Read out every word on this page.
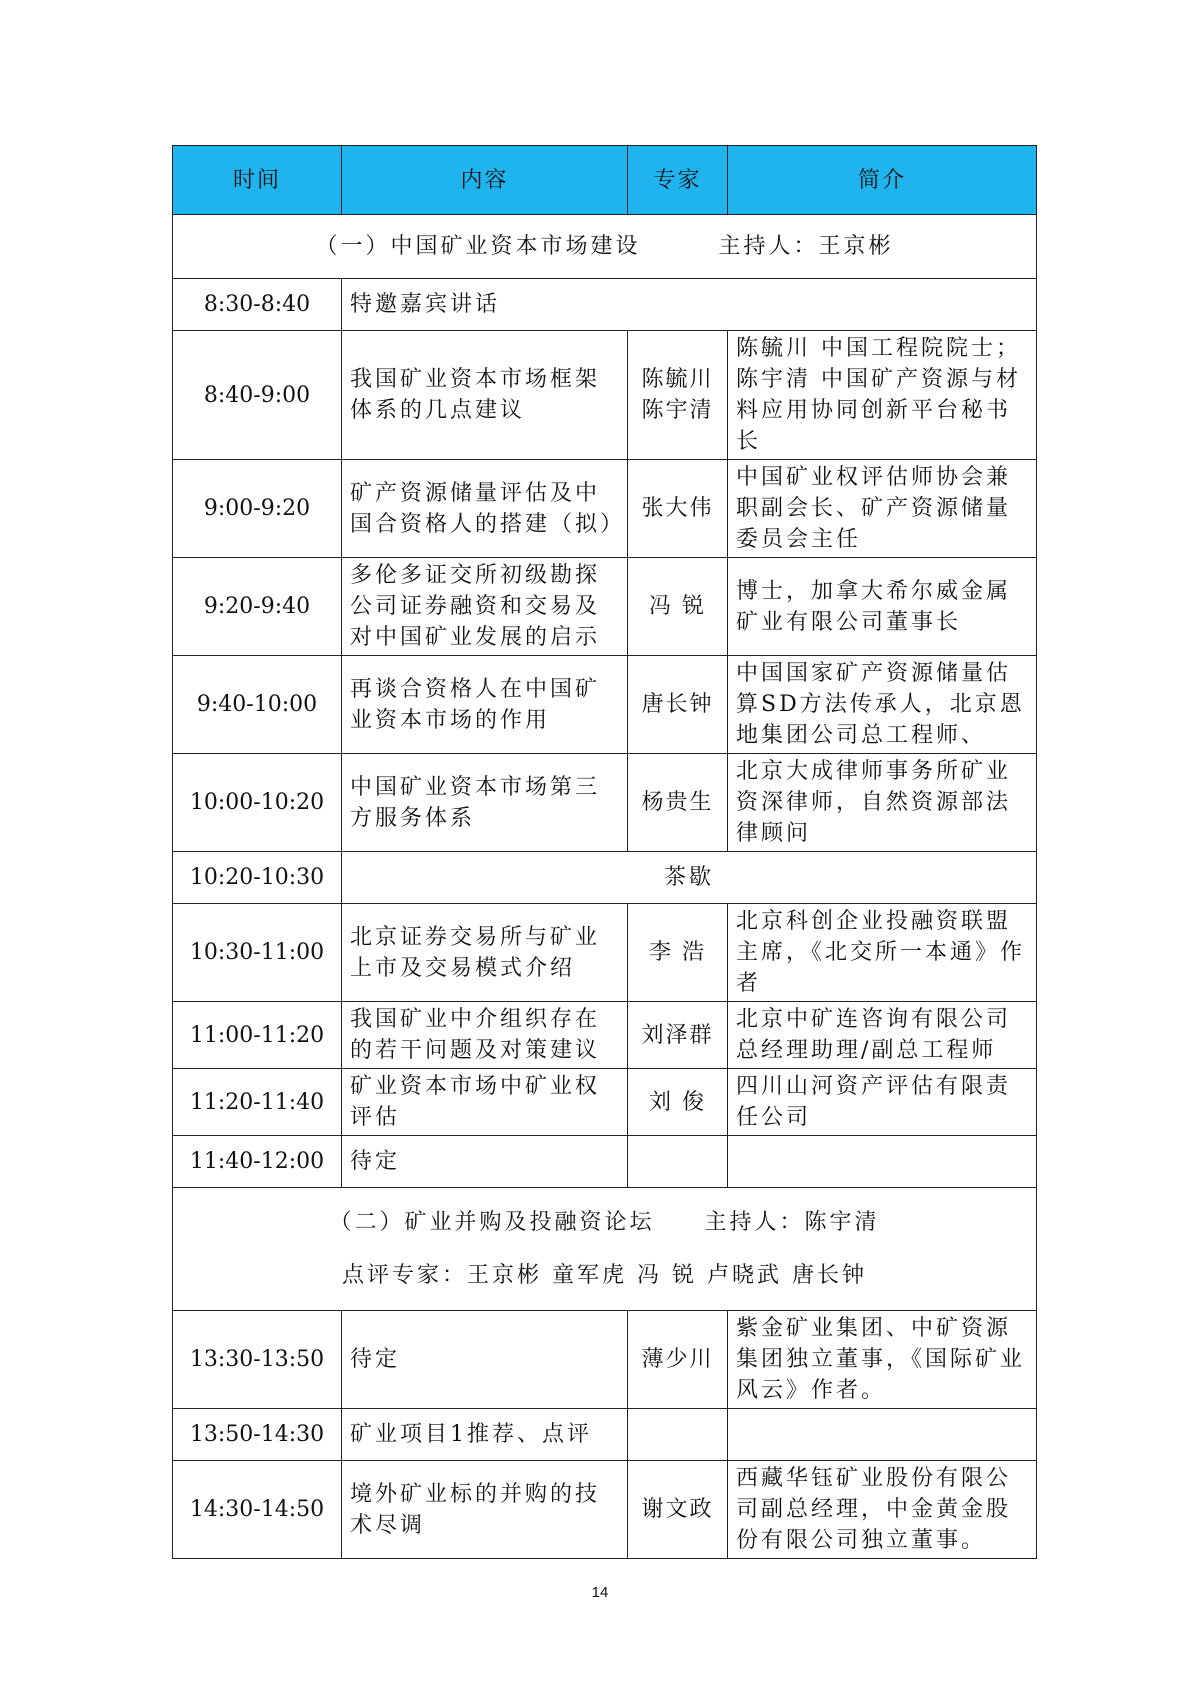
时间	内容	专家	简介
（一）中国矿业资本市场建设 主持人：王京彬			
8:30-8:40	特邀嘉宾讲话		
8:40-9:00	我国矿业资本市场框架体系的几点建议	陈毓川陈宇清	陈毓川 中国工程院院士；陈宇清 中国矿产资源与材料应用协同创新平台秘书长
9:00-9:20	矿产资源储量评估及中国合资格人的搭建（拟）	张大伟	中国矿业权评估师协会兼职副会长、矿产资源储量委员会主任
9:20-9:40	多伦多证交所初级勘探公司证券融资和交易及对中国矿业发展的启示	冯 锐	博士，加拿大希尔威金属矿业有限公司董事长
9:40-10:00	再谈合资格人在中国矿业资本市场的作用	唐长钟	中国国家矿产资源储量估算SD方法传承人，北京恩地集团公司总工程师、
10:00-10:20	中国矿业资本市场第三方服务体系	杨贵生	北京大成律师事务所矿业资深律师，自然资源部法律顾问
10:20-10:30	茶歇		
10:30-11:00	北京证券交易所与矿业上市及交易模式介绍	李 浩	北京科创企业投融资联盟主席，《北交所一本通》作者
11:00-11:20	我国矿业中介组织存在的若干问题及对策建议	刘泽群	北京中矿连咨询有限公司总经理助理/副总工程师
11:20-11:40	矿业资本市场中矿业权评估	刘 俊	四川山河资产评估有限责任公司
11:40-12:00	待定		

（二）矿业并购及投融资论坛 主持人：陈宇清
点评专家：王京彬 童军虎 冯 锐 卢晓武 唐长钟			

13:30-13:50	待定	薄少川	紫金矿业集团、中矿资源集团独立董事，《国际矿业风云》作者。
13:50-14:30	矿业项目1推荐、点评		
14:30-14:50	境外矿业标的并购的技术尽调	谢文政	西藏华钰矿业股份有限公司副总经理，中金黄金股份有限公司独立董事。
14
